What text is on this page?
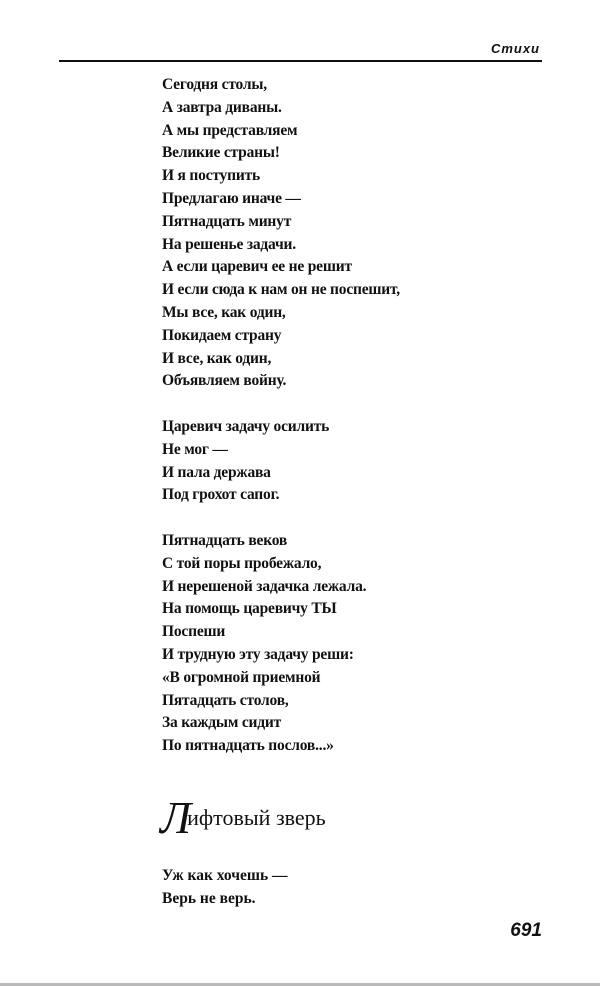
Стихи
Сегодня столы,
А завтра диваны.
А мы представляем
Великие страны!
И я поступить
Предлагаю иначе —
Пятнадцать минут
На решенье задачи.
А если царевич ее не решит
И если сюда к нам он не поспешит,
Мы все, как один,
Покидаем страну
И все, как один,
Объявляем войну.
Царевич задачу осилить
Не мог —
И пала держава
Под грохот сапог.
Пятнадцать веков
С той поры пробежало,
И нерешеной задачка лежала.
На помощь царевичу ТЫ
Поспеши
И трудную эту задачу реши:
«В огромной приемной
Пятадцать столов,
За каждым сидит
По пятнадцать послов...»
Лифтовый зверь
Уж как хочешь —
Верь не верь.
691
